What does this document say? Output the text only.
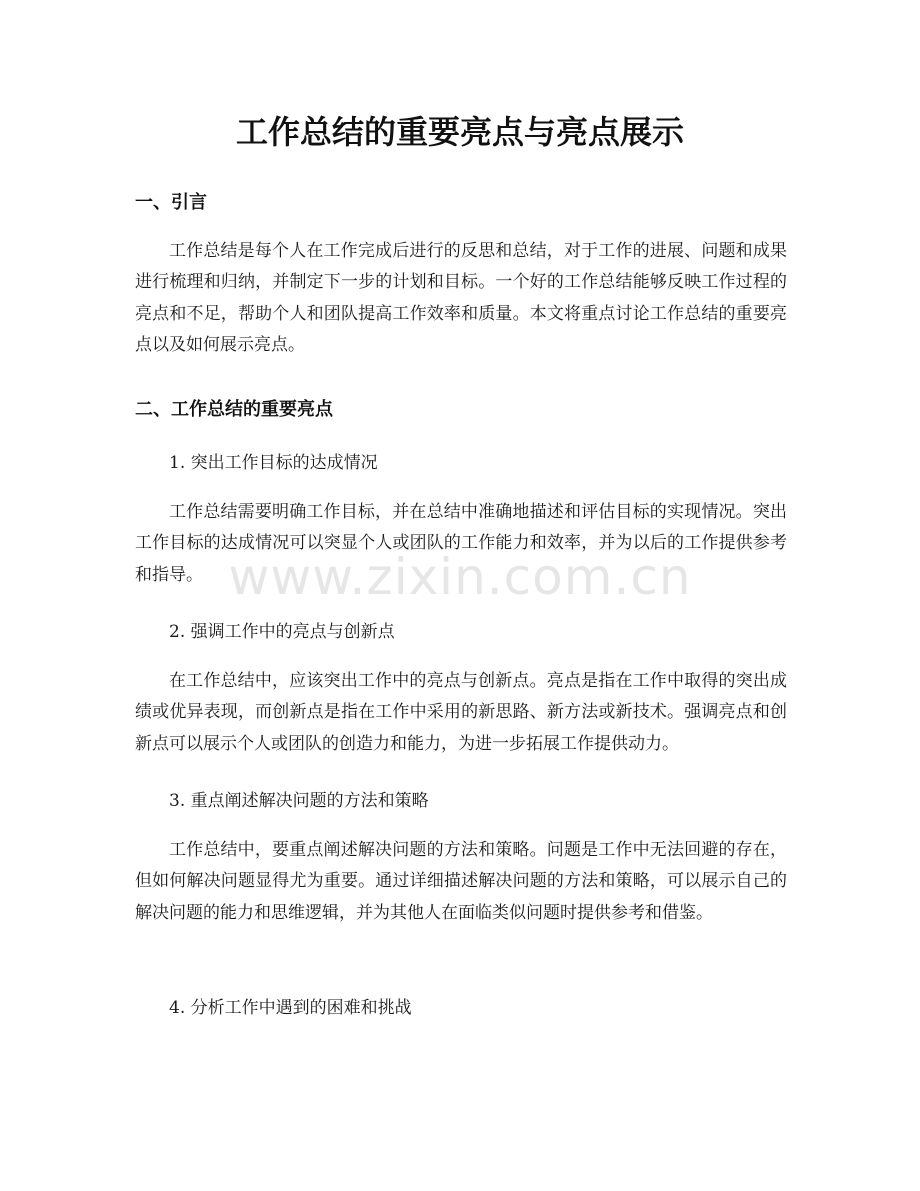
工作总结的重要亮点与亮点展示
一、引言
工作总结是每个人在工作完成后进行的反思和总结，对于工作的进展、问题和成果进行梳理和归纳，并制定下一步的计划和目标。一个好的工作总结能够反映工作过程的亮点和不足，帮助个人和团队提高工作效率和质量。本文将重点讨论工作总结的重要亮点以及如何展示亮点。
二、工作总结的重要亮点
1. 突出工作目标的达成情况
工作总结需要明确工作目标，并在总结中准确地描述和评估目标的实现情况。突出工作目标的达成情况可以突显个人或团队的工作能力和效率，并为以后的工作提供参考和指导。
2. 强调工作中的亮点与创新点
在工作总结中，应该突出工作中的亮点与创新点。亮点是指在工作中取得的突出成绩或优异表现，而创新点是指在工作中采用的新思路、新方法或新技术。强调亮点和创新点可以展示个人或团队的创造力和能力，为进一步拓展工作提供动力。
3. 重点阐述解决问题的方法和策略
工作总结中，要重点阐述解决问题的方法和策略。问题是工作中无法回避的存在，但如何解决问题显得尤为重要。通过详细描述解决问题的方法和策略，可以展示自己的解决问题的能力和思维逻辑，并为其他人在面临类似问题时提供参考和借鉴。
4. 分析工作中遇到的困难和挑战
www.zixin.com.cn
